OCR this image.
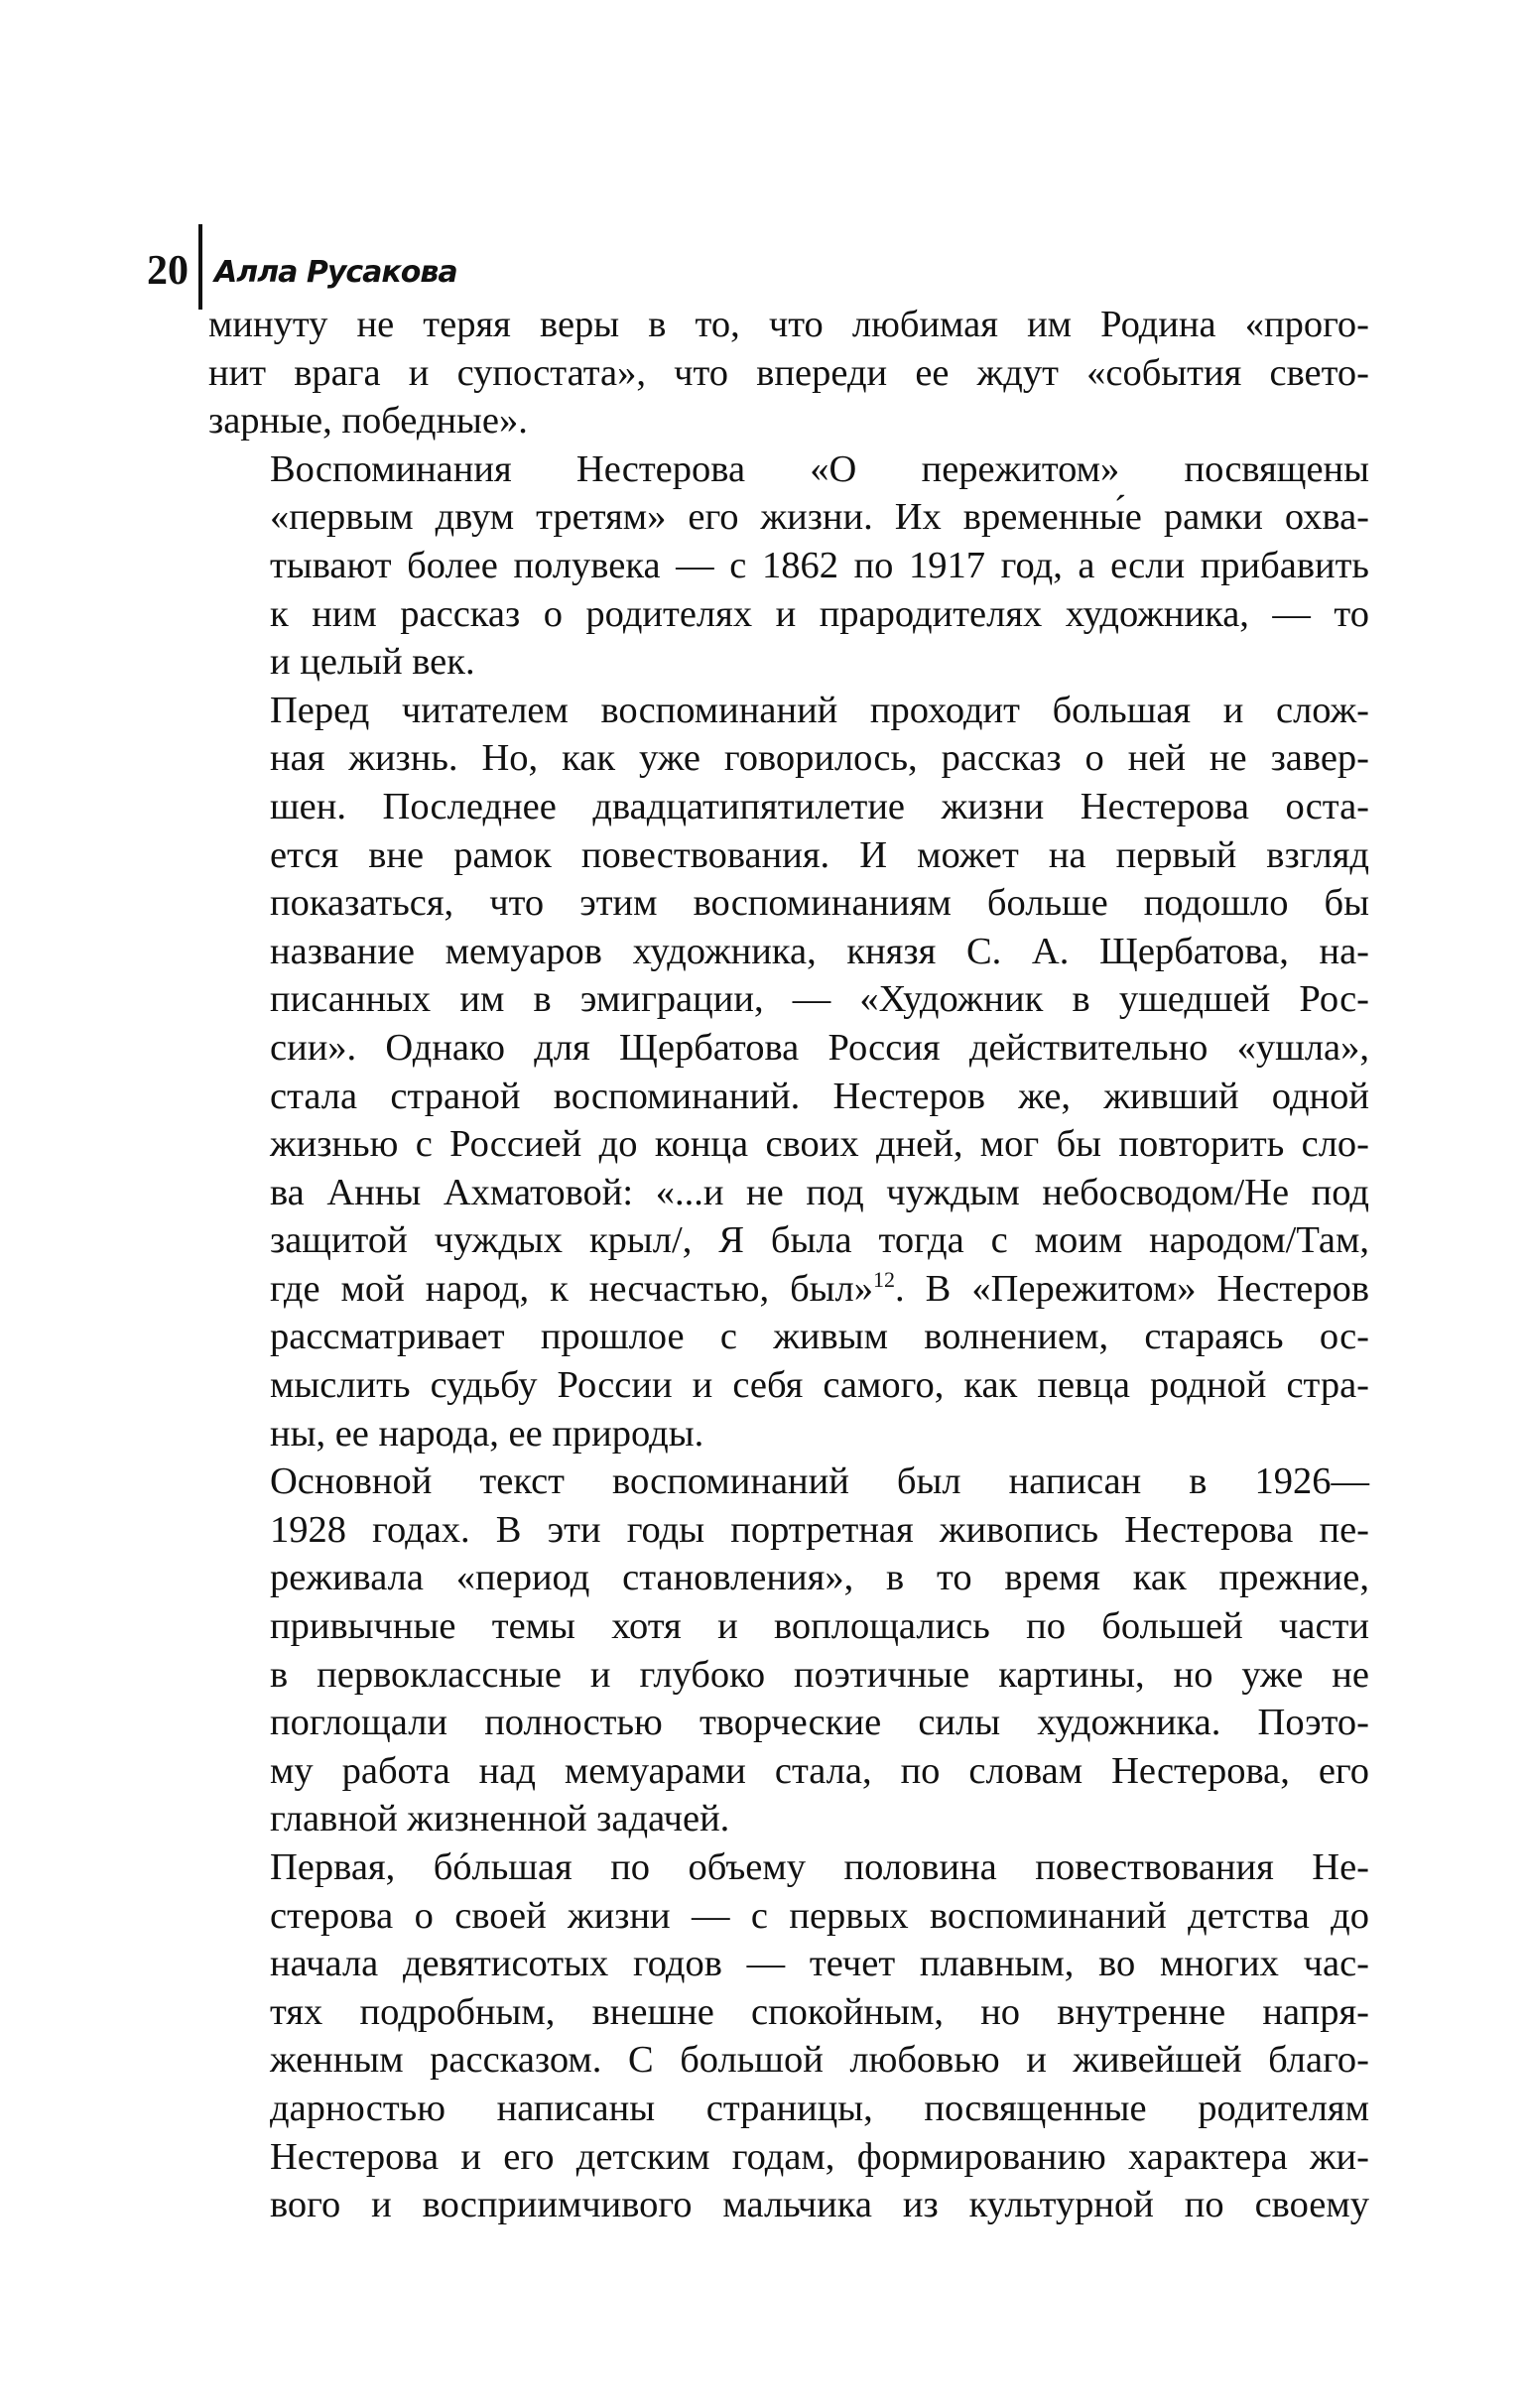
20 Алла Русакова

минуту не теряя веры в то, что любимая им Родина «прого-
нит врага и супостата», что впереди ее ждут «события свето-
зарные, победные».

Воспоминания Нестерова «О пережитом» посвящены
«первым двум третям» его жизни. Их временны́е рамки охва-
тывают более полувека — с 1862 по 1917 год, а если прибавить
к ним рассказ о родителях и прародителях художника, — то
и целый век.

Перед читателем воспоминаний проходит большая и слож-
ная жизнь. Но, как уже говорилось, рассказ о ней не завер-
шен. Последнее двадцатипятилетие жизни Нестерова оста-
ется вне рамок повествования. И может на первый взгляд
показаться, что этим воспоминаниям больше подошло бы
название мемуаров художника, князя С. А. Щербатова, на-
писанных им в эмиграции, — «Художник в ушедшей Рос-
сии». Однако для Щербатова Россия действительно «ушла»,
стала страной воспоминаний. Нестеров же, живший одной
жизнью с Россией до конца своих дней, мог бы повторить сло-
ва Анны Ахматовой: «...и не под чуждым небосводом/Не под
защитой чуждых крыл/, Я была тогда с моим народом/Там,
где мой народ, к несчастью, был»$^{12}$. В «Пережитом» Нестеров
рассматривает прошлое с живым волнением, стараясь ос-
мыслить судьбу России и себя самого, как певца родной стра-
ны, ее народа, ее природы.

Основной текст воспоминаний был написан в 1926—
1928 годах. В эти годы портретная живопись Нестерова пе-
реживала «период становления», в то время как прежние,
привычные темы хотя и воплощались по большей части
в первоклассные и глубоко поэтичные картины, но уже не
поглощали полностью творческие силы художника. Поэто-
му работа над мемуарами стала, по словам Нестерова, его
главной жизненной задачей.

Первая, бóльшая по объему половина повествования Не-
стерова о своей жизни — с первых воспоминаний детства до
начала девятисотых годов — течет плавным, во многих час-
тях подробным, внешне спокойным, но внутренне напря-
женным рассказом. С большой любовью и живейшей благо-
дарностью написаны страницы, посвященные родителям
Нестерова и его детским годам, формированию характера жи-
вого и восприимчивого мальчика из культурной по своему
